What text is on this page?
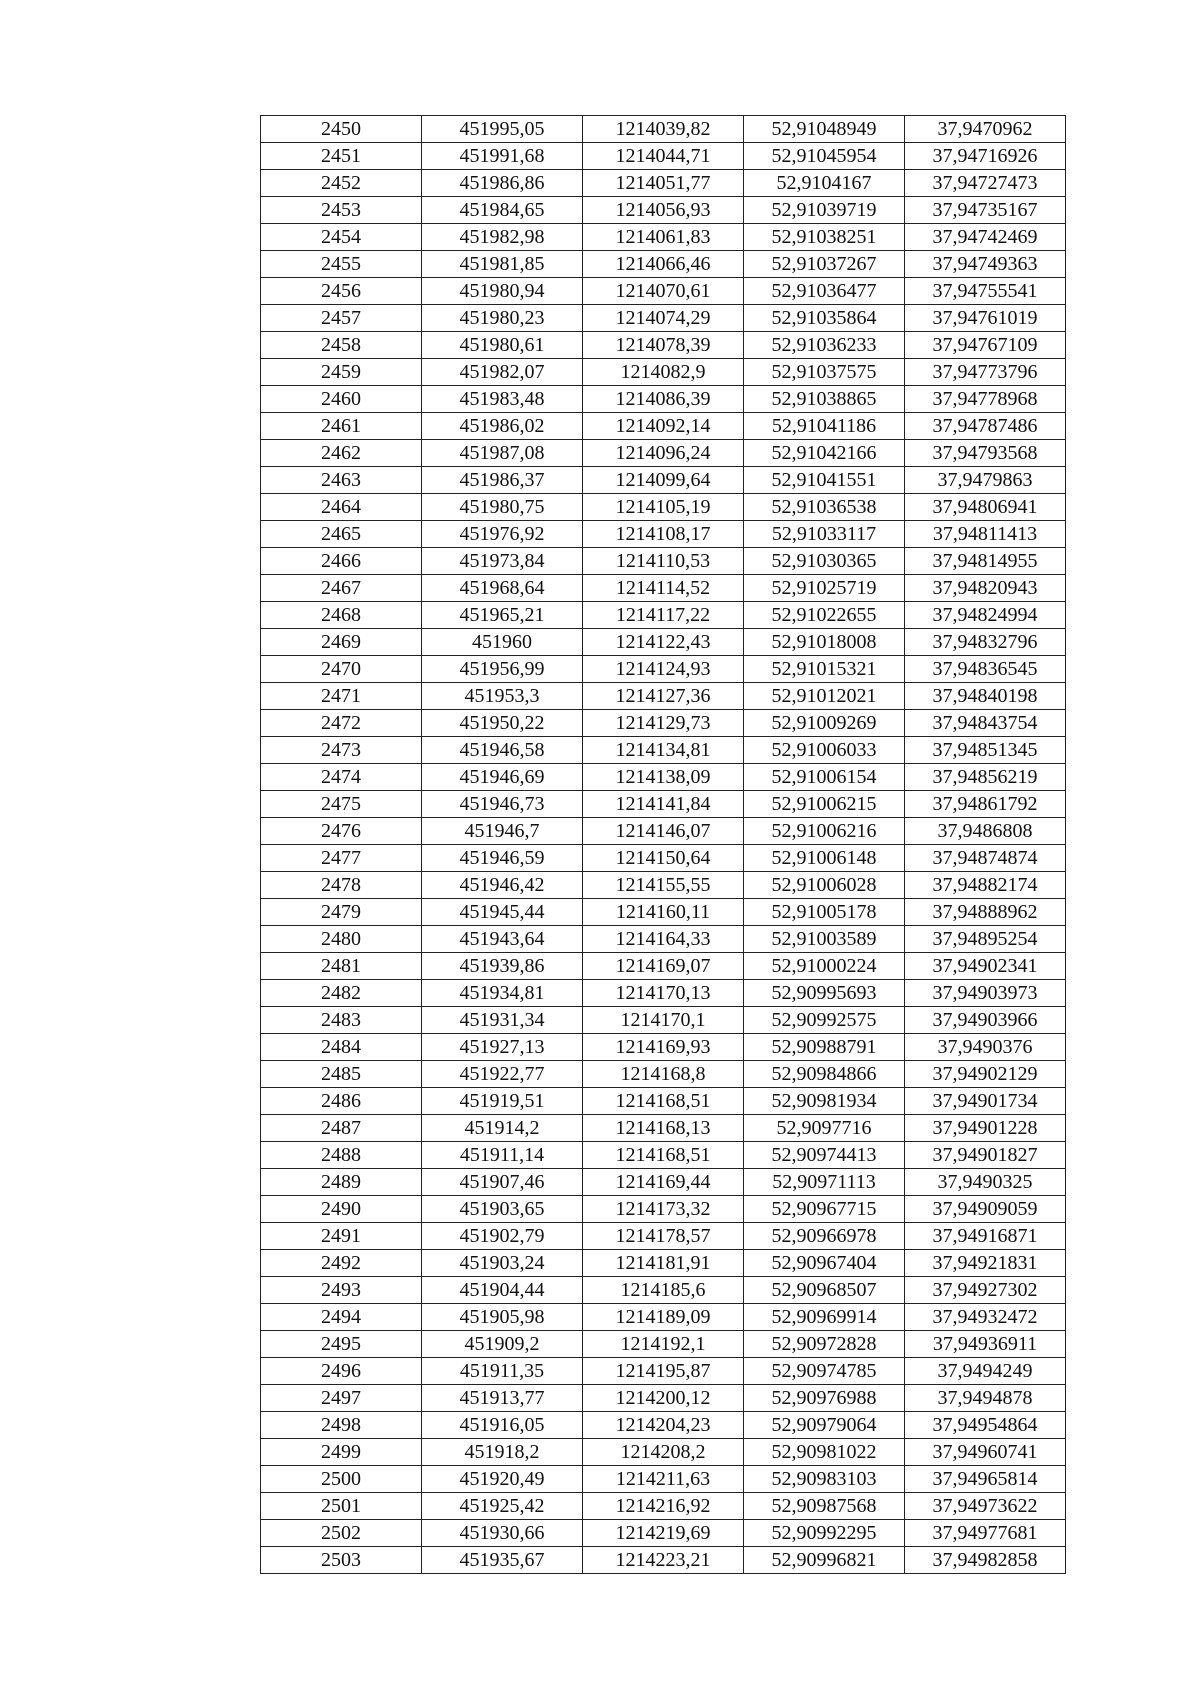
2450	451995,05	1214039,82	52,91048949	37,9470962
2451	451991,68	1214044,71	52,91045954	37,94716926
2452	451986,86	1214051,77	52,9104167	37,94727473
2453	451984,65	1214056,93	52,91039719	37,94735167
2454	451982,98	1214061,83	52,91038251	37,94742469
2455	451981,85	1214066,46	52,91037267	37,94749363
2456	451980,94	1214070,61	52,91036477	37,94755541
2457	451980,23	1214074,29	52,91035864	37,94761019
2458	451980,61	1214078,39	52,91036233	37,94767109
2459	451982,07	1214082,9	52,91037575	37,94773796
2460	451983,48	1214086,39	52,91038865	37,94778968
2461	451986,02	1214092,14	52,91041186	37,94787486
2462	451987,08	1214096,24	52,91042166	37,94793568
2463	451986,37	1214099,64	52,91041551	37,9479863
2464	451980,75	1214105,19	52,91036538	37,94806941
2465	451976,92	1214108,17	52,91033117	37,94811413
2466	451973,84	1214110,53	52,91030365	37,94814955
2467	451968,64	1214114,52	52,91025719	37,94820943
2468	451965,21	1214117,22	52,91022655	37,94824994
2469	451960	1214122,43	52,91018008	37,94832796
2470	451956,99	1214124,93	52,91015321	37,94836545
2471	451953,3	1214127,36	52,91012021	37,94840198
2472	451950,22	1214129,73	52,91009269	37,94843754
2473	451946,58	1214134,81	52,91006033	37,94851345
2474	451946,69	1214138,09	52,91006154	37,94856219
2475	451946,73	1214141,84	52,91006215	37,94861792
2476	451946,7	1214146,07	52,91006216	37,9486808
2477	451946,59	1214150,64	52,91006148	37,94874874
2478	451946,42	1214155,55	52,91006028	37,94882174
2479	451945,44	1214160,11	52,91005178	37,94888962
2480	451943,64	1214164,33	52,91003589	37,94895254
2481	451939,86	1214169,07	52,91000224	37,94902341
2482	451934,81	1214170,13	52,90995693	37,94903973
2483	451931,34	1214170,1	52,90992575	37,94903966
2484	451927,13	1214169,93	52,90988791	37,9490376
2485	451922,77	1214168,8	52,90984866	37,94902129
2486	451919,51	1214168,51	52,90981934	37,94901734
2487	451914,2	1214168,13	52,9097716	37,94901228
2488	451911,14	1214168,51	52,90974413	37,94901827
2489	451907,46	1214169,44	52,90971113	37,9490325
2490	451903,65	1214173,32	52,90967715	37,94909059
2491	451902,79	1214178,57	52,90966978	37,94916871
2492	451903,24	1214181,91	52,90967404	37,94921831
2493	451904,44	1214185,6	52,90968507	37,94927302
2494	451905,98	1214189,09	52,90969914	37,94932472
2495	451909,2	1214192,1	52,90972828	37,94936911
2496	451911,35	1214195,87	52,90974785	37,9494249
2497	451913,77	1214200,12	52,90976988	37,9494878
2498	451916,05	1214204,23	52,90979064	37,94954864
2499	451918,2	1214208,2	52,90981022	37,94960741
2500	451920,49	1214211,63	52,90983103	37,94965814
2501	451925,42	1214216,92	52,90987568	37,94973622
2502	451930,66	1214219,69	52,90992295	37,94977681
2503	451935,67	1214223,21	52,90996821	37,94982858
